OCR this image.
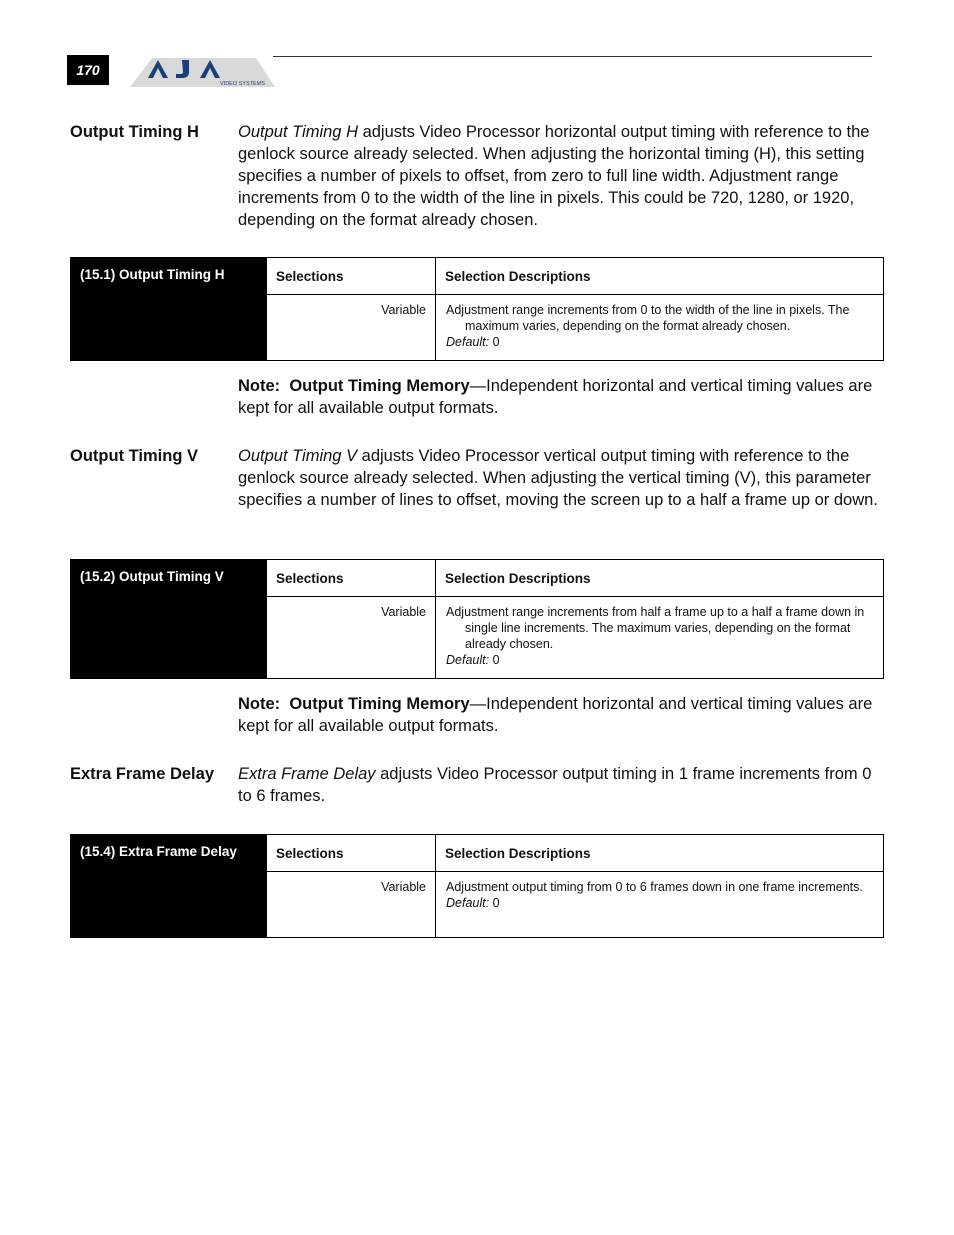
170
VIDEO SYSTEMS
Output Timing H	Output Timing H adjusts Video Processor horizontal output timing with reference to the genlock source already selected. When adjusting the horizontal timing (H), this setting specifies a number of pixels to offset, from zero to full line width. Adjustment range increments from 0 to the width of the line in pixels. This could be 720, 1280, or 1920, depending on the format already chosen.
(15.1) Output Timing H	Selections	Selection Descriptions
	Variable	Adjustment range increments from 0 to the width of the line in pixels. The maximum varies, depending on the format already chosen.
Default: 0
Note: Output Timing Memory—Independent horizontal and vertical timing values are kept for all available output formats.
Output Timing V	Output Timing V adjusts Video Processor vertical output timing with reference to the genlock source already selected. When adjusting the vertical timing (V), this parameter specifies a number of lines to offset, moving the screen up to a half a frame up or down.
(15.2) Output Timing V	Selections	Selection Descriptions
	Variable	Adjustment range increments from half a frame up to a half a frame down in single line increments. The maximum varies, depending on the format already chosen.
Default: 0
Note: Output Timing Memory—Independent horizontal and vertical timing values are kept for all available output formats.
Extra Frame Delay	Extra Frame Delay adjusts Video Processor output timing in 1 frame increments from 0 to 6 frames.
(15.4) Extra Frame Delay	Selections	Selection Descriptions
	Variable	Adjustment output timing from 0 to 6 frames down in one frame increments.
Default: 0
